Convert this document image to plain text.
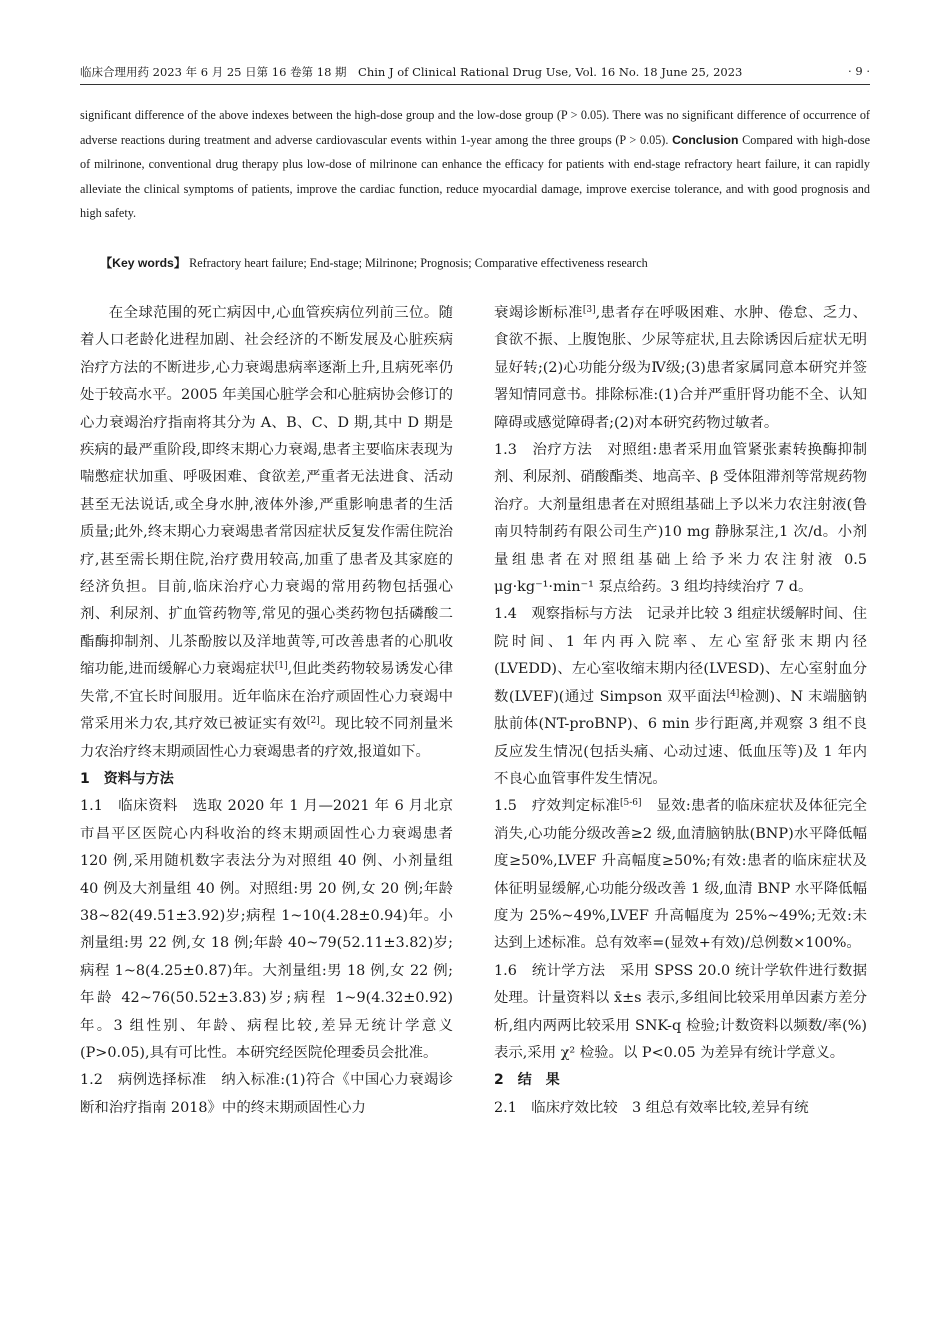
临床合理用药 2023 年 6 月 25 日第 16 卷第 18 期　Chin J of Clinical Rational Drug Use, Vol. 16 No. 18 June 25, 2023	· 9 ·

significant difference of the above indexes between the high-dose group and the low-dose group (P > 0.05). There was no significant difference of occurrence of adverse reactions during treatment and adverse cardiovascular events within 1-year among the three groups (P > 0.05). Conclusion Compared with high-dose of milrinone, conventional drug therapy plus low-dose of milrinone can enhance the efficacy for patients with end-stage refractory heart failure, it can rapidly alleviate the clinical symptoms of patients, improve the cardiac function, reduce myocardial damage, improve exercise tolerance, and with good prognosis and high safety.

【Key words】 Refractory heart failure; End-stage; Milrinone; Prognosis; Comparative effectiveness research

在全球范围的死亡病因中,心血管疾病位列前三位。随着人口老龄化进程加剧、社会经济的不断发展及心脏疾病治疗方法的不断进步,心力衰竭患病率逐渐上升,且病死率仍处于较高水平。2005 年美国心脏学会和心脏病协会修订的心力衰竭治疗指南将其分为 A、B、C、D 期,其中 D 期是疾病的最严重阶段,即终末期心力衰竭,患者主要临床表现为喘憋症状加重、呼吸困难、食欲差,严重者无法进食、活动甚至无法说话,或全身水肿,液体外渗,严重影响患者的生活质量;此外,终末期心力衰竭患者常因症状反复发作需住院治疗,甚至需长期住院,治疗费用较高,加重了患者及其家庭的经济负担。目前,临床治疗心力衰竭的常用药物包括强心剂、利尿剂、扩血管药物等,常见的强心类药物包括磷酸二酯酶抑制剂、儿茶酚胺以及洋地黄等,可改善患者的心肌收缩功能,进而缓解心力衰竭症状[1],但此类药物较易诱发心律失常,不宜长时间服用。近年临床在治疗顽固性心力衰竭中常采用米力农,其疗效已被证实有效[2]。现比较不同剂量米力农治疗终末期顽固性心力衰竭患者的疗效,报道如下。

1　资料与方法

1.1　临床资料　选取 2020 年 1 月—2021 年 6 月北京市昌平区医院心内科收治的终末期顽固性心力衰竭患者 120 例,采用随机数字表法分为对照组 40 例、小剂量组 40 例及大剂量组 40 例。对照组:男 20 例,女 20 例;年龄 38~82(49.51±3.92)岁;病程 1~10(4.28±0.94)年。小剂量组:男 22 例,女 18 例;年龄 40~79(52.11±3.82)岁;病程 1~8(4.25±0.87)年。大剂量组:男 18 例,女 22 例;年龄 42~76(50.52±3.83)岁;病程 1~9(4.32±0.92)年。3 组性别、年龄、病程比较,差异无统计学意义(P>0.05),具有可比性。本研究经医院伦理委员会批准。

1.2　病例选择标准　纳入标准:(1)符合《中国心力衰竭诊断和治疗指南 2018》中的终末期顽固性心力

衰竭诊断标准[3],患者存在呼吸困难、水肿、倦怠、乏力、食欲不振、上腹饱胀、少尿等症状,且去除诱因后症状无明显好转;(2)心功能分级为Ⅳ级;(3)患者家属同意本研究并签署知情同意书。排除标准:(1)合并严重肝肾功能不全、认知障碍或感觉障碍者;(2)对本研究药物过敏者。

1.3　治疗方法　对照组:患者采用血管紧张素转换酶抑制剂、利尿剂、硝酸酯类、地高辛、β 受体阻滞剂等常规药物治疗。大剂量组患者在对照组基础上予以米力农注射液(鲁南贝特制药有限公司生产)10 mg 静脉泵注,1 次/d。小剂量组患者在对照组基础上给予米力农注射液 0.5 μg·kg⁻¹·min⁻¹ 泵点给药。3 组均持续治疗 7 d。

1.4　观察指标与方法　记录并比较 3 组症状缓解时间、住院时间、1 年内再入院率、左心室舒张末期内径(LVEDD)、左心室收缩末期内径(LVESD)、左心室射血分数(LVEF)(通过 Simpson 双平面法[4]检测)、N 末端脑钠肽前体(NT-proBNP)、6 min 步行距离,并观察 3 组不良反应发生情况(包括头痛、心动过速、低血压等)及 1 年内不良心血管事件发生情况。

1.5　疗效判定标准[5-6]　显效:患者的临床症状及体征完全消失,心功能分级改善≥2 级,血清脑钠肽(BNP)水平降低幅度≥50%,LVEF 升高幅度≥50%;有效:患者的临床症状及体征明显缓解,心功能分级改善 1 级,血清 BNP 水平降低幅度为 25%~49%,LVEF 升高幅度为 25%~49%;无效:未达到上述标准。总有效率=(显效+有效)/总例数×100%。

1.6　统计学方法　采用 SPSS 20.0 统计学软件进行数据处理。计量资料以 x̄±s 表示,多组间比较采用单因素方差分析,组内两两比较采用 SNK-q 检验;计数资料以频数/率(%)表示,采用 χ² 检验。以 P<0.05 为差异有统计学意义。

2　结　果

2.1　临床疗效比较　3 组总有效率比较,差异有统
